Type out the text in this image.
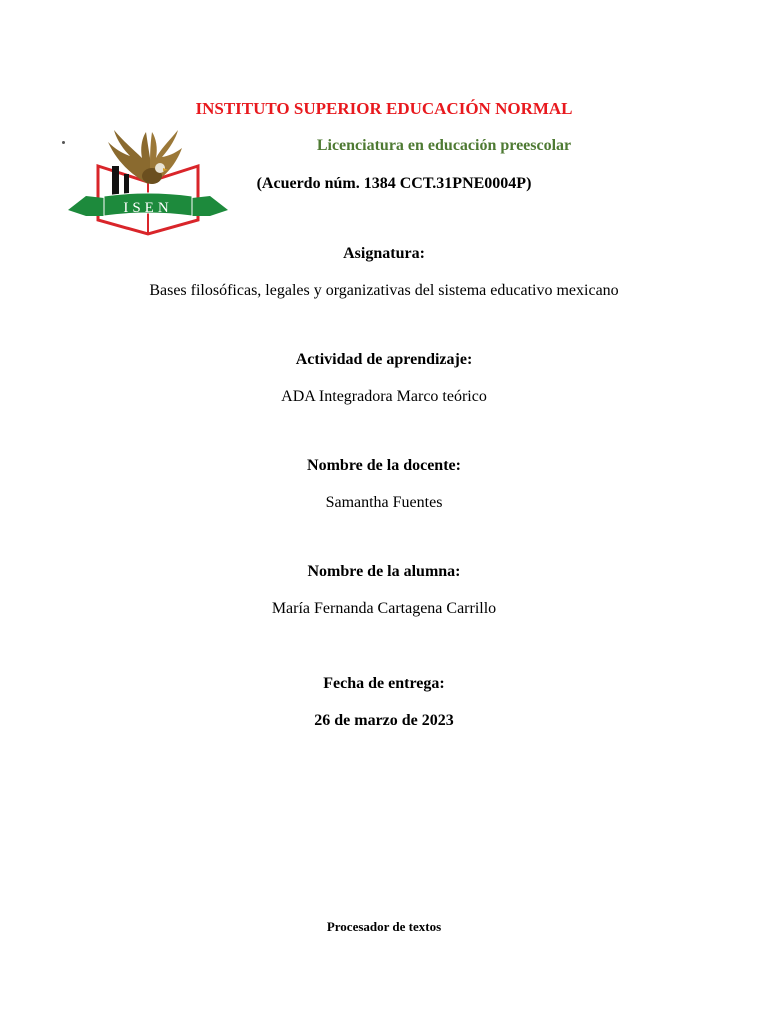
ISEN
INSTITUTO SUPERIOR EDUCACIÓN NORMAL
Licenciatura en educación preescolar
(Acuerdo núm. 1384 CCT.31PNE0004P)
Asignatura:
Bases filosóficas, legales y organizativas del sistema educativo mexicano
Actividad de aprendizaje:
ADA Integradora Marco teórico
Nombre de la docente:
Samantha Fuentes
Nombre de la alumna:
María Fernanda Cartagena Carrillo
Fecha de entrega:
26 de marzo de 2023
Procesador de textos
